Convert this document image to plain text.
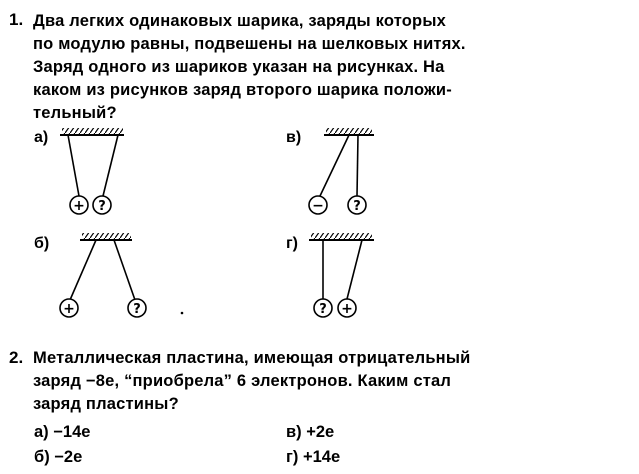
1. Два легких одинаковых шарика, заряды которых
по модулю равны, подвешены на шелковых нитях.
Заряд одного из шариков указан на рисунках. На
каком из рисунков заряд второго шарика положи-
тельный?
а)	в)
б)	г)
+ ?	− ?
+	?	? +
2. Металлическая пластина, имеющая отрицательный
заряд −8е, “приобрела” 6 электронов. Каким стал
заряд пластины?
а) −14е	в) +2е
б) −2е	г) +14е
